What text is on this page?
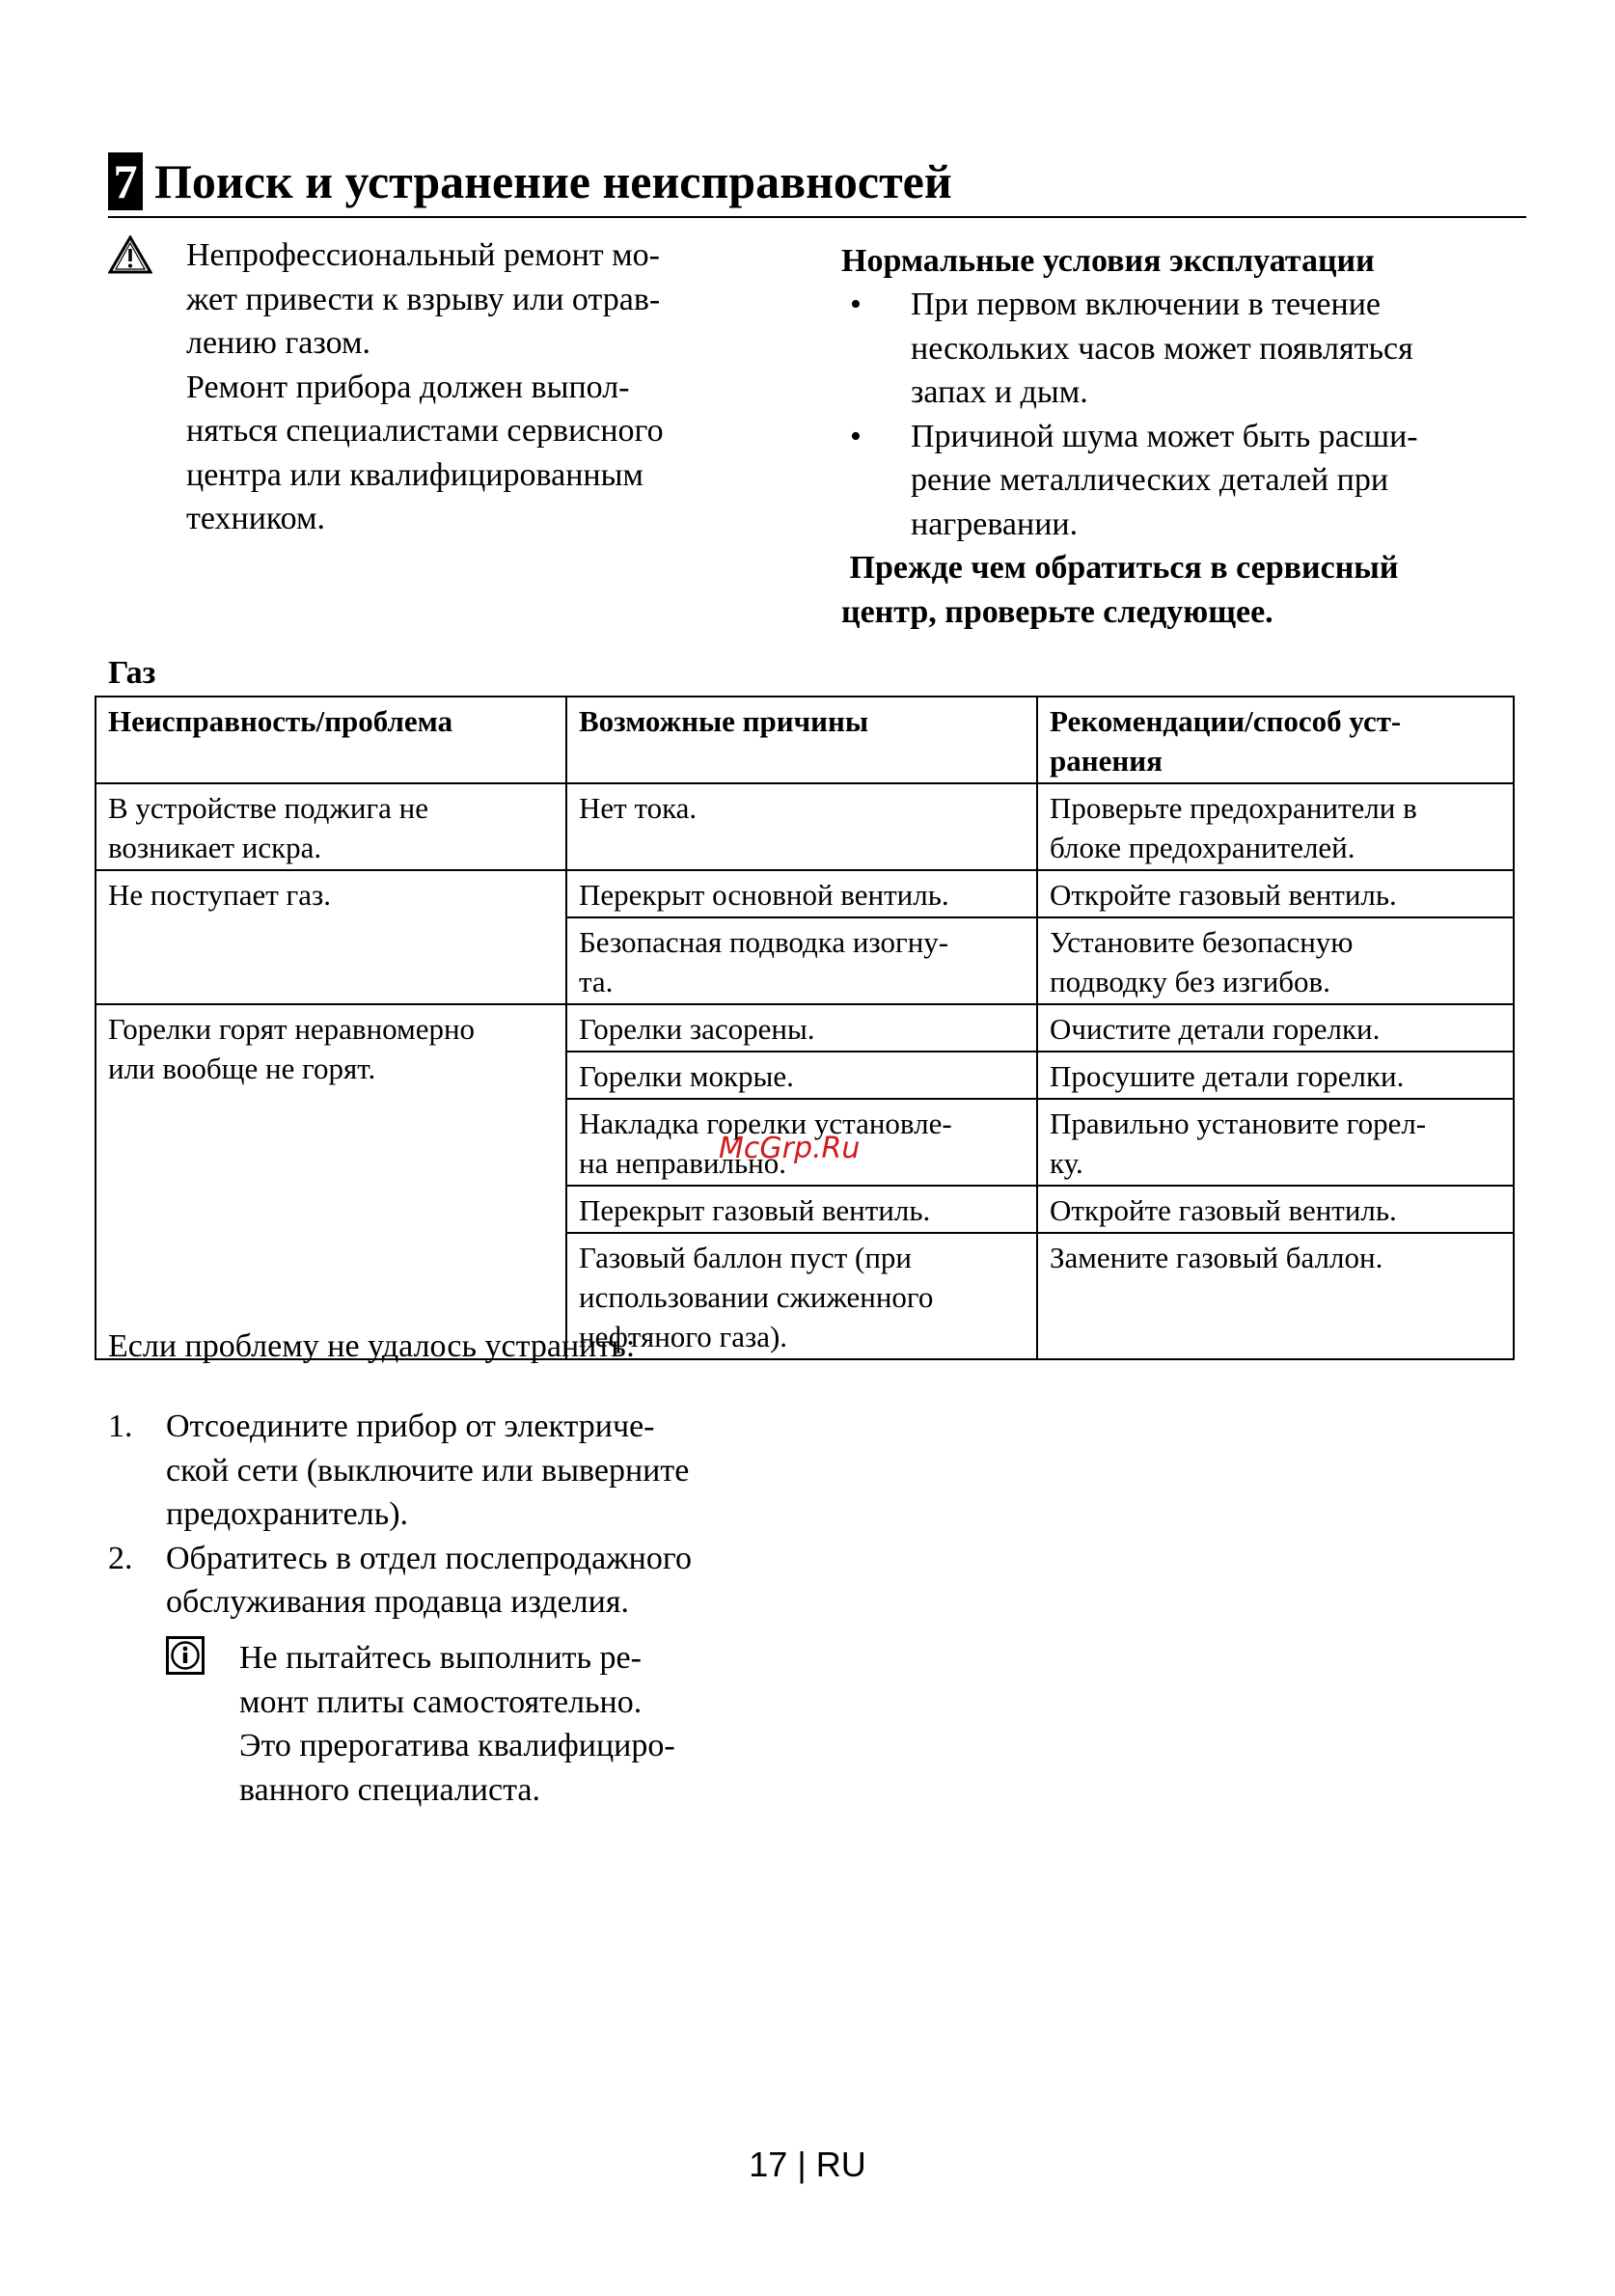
7 Поиск и устранение неисправностей
Непрофессиональный ремонт мо-
жет привести к взрыву или отрав-
лению газом.
Ремонт прибора должен выпол-
няться специалистами сервисного
центра или квалифицированным
техником.
Нормальные условия эксплуатации
• При первом включении в течение
нескольких часов может появляться
запах и дым.
• Причиной шума может быть расши-
рение металлических деталей при
нагревании.
Прежде чем обратиться в сервисный
центр, проверьте следующее.
Газ
Неисправность/проблема	Возможные причины	Рекомендации/способ уст-
ранения

В устройстве поджига не
возникает искра.	Нет тока.	Проверьте предохранители в
блоке предохранителей.

Не поступает газ.	Перекрыт основной вентиль.	Откройте газовый вентиль.

	Безопасная подводка изогну-
та.	Установите безопасную
подводку без изгибов.

Горелки горят неравномерно
или вообще не горят.	Горелки засорены.	Очистите детали горелки.

	Горелки мокрые.	Просушите детали горелки.

	Накладка горелки установле-
на неправильно.	Правильно установите горел-
ку.

	Перекрыт газовый вентиль.	Откройте газовый вентиль.

	Газовый баллон пуст (при
использовании сжиженного
нефтяного газа).	Замените газовый баллон.
McGrp.Ru
Если проблему не удалось устранить:
1. Отсоедините прибор от электриче-
ской сети (выключите или выверните
предохранитель).
2. Обратитесь в отдел послепродажного
обслуживания продавца изделия.
Не пытайтесь выполнить ре-
монт плиты самостоятельно.
Это прерогатива квалифициро-
ванного специалиста.
17 | RU
